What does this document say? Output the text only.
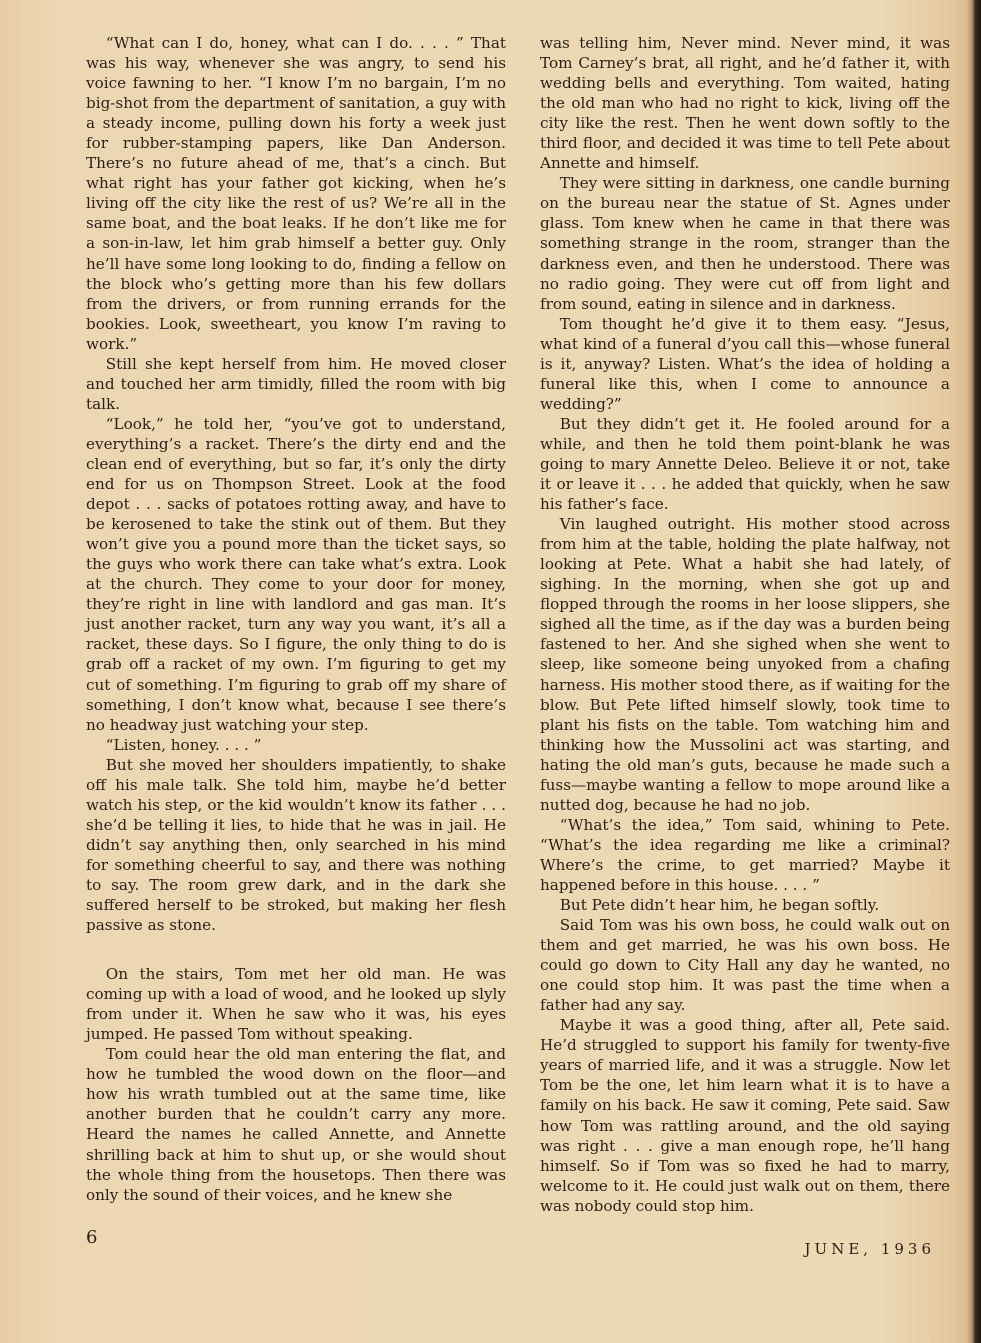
“What can I do, honey, what can I do. . . . ” That was his way, whenever she was angry, to send his voice fawning to her. “I know I’m no bargain, I’m no big-shot from the department of sanitation, a guy with a steady income, pulling down his forty a week just for rubber-stamping papers, like Dan Anderson. There’s no future ahead of me, that’s a cinch. But what right has your father got kicking, when he’s living off the city like the rest of us? We’re all in the same boat, and the boat leaks. If he don’t like me for a son-in-law, let him grab himself a better guy. Only he’ll have some long looking to do, finding a fellow on the block who’s getting more than his few dollars from the drivers, or from running errands for the bookies. Look, sweetheart, you know I’m raving to work.”

Still she kept herself from him. He moved closer and touched her arm timidly, filled the room with big talk.

“Look,” he told her, “you’ve got to understand, everything’s a racket. There’s the dirty end and the clean end of everything, but so far, it’s only the dirty end for us on Thompson Street. Look at the food depot . . . sacks of potatoes rotting away, and have to be kerosened to take the stink out of them. But they won’t give you a pound more than the ticket says, so the guys who work there can take what’s extra. Look at the church. They come to your door for money, they’re right in line with landlord and gas man. It’s just another racket, turn any way you want, it’s all a racket, these days. So I figure, the only thing to do is grab off a racket of my own. I’m figuring to get my cut of something. I’m figuring to grab off my share of something, I don’t know what, because I see there’s no headway just watching your step.

“Listen, honey. . . . ”

But she moved her shoulders impatiently, to shake off his male talk. She told him, maybe he’d better watch his step, or the kid wouldn’t know its father . . . she’d be telling it lies, to hide that he was in jail. He didn’t say anything then, only searched in his mind for something cheerful to say, and there was nothing to say. The room grew dark, and in the dark she suffered herself to be stroked, but making her flesh passive as stone.

On the stairs, Tom met her old man. He was coming up with a load of wood, and he looked up slyly from under it. When he saw who it was, his eyes jumped. He passed Tom without speaking.

Tom could hear the old man entering the flat, and how he tumbled the wood down on the floor—and how his wrath tumbled out at the same time, like another burden that he couldn’t carry any more. Heard the names he called Annette, and Annette shrilling back at him to shut up, or she would shout the whole thing from the housetops. Then there was only the sound of their voices, and he knew she

was telling him, Never mind. Never mind, it was Tom Carney’s brat, all right, and he’d father it, with wedding bells and everything. Tom waited, hating the old man who had no right to kick, living off the city like the rest. Then he went down softly to the third floor, and decided it was time to tell Pete about Annette and himself.

They were sitting in darkness, one candle burning on the bureau near the statue of St. Agnes under glass. Tom knew when he came in that there was something strange in the room, stranger than the darkness even, and then he understood. There was no radio going. They were cut off from light and from sound, eating in silence and in darkness.

Tom thought he’d give it to them easy. “Jesus, what kind of a funeral d’you call this—whose funeral is it, anyway? Listen. What’s the idea of holding a funeral like this, when I come to announce a wedding?”

But they didn’t get it. He fooled around for a while, and then he told them point-blank he was going to mary Annette Deleo. Believe it or not, take it or leave it . . . he added that quickly, when he saw his father’s face.

Vin laughed outright. His mother stood across from him at the table, holding the plate halfway, not looking at Pete. What a habit she had lately, of sighing. In the morning, when she got up and flopped through the rooms in her loose slippers, she sighed all the time, as if the day was a burden being fastened to her. And she sighed when she went to sleep, like someone being unyoked from a chafing harness. His mother stood there, as if waiting for the blow. But Pete lifted himself slowly, took time to plant his fists on the table. Tom watching him and thinking how the Mussolini act was starting, and hating the old man’s guts, because he made such a fuss—maybe wanting a fellow to mope around like a nutted dog, because he had no job.

“What’s the idea,” Tom said, whining to Pete. “What’s the idea regarding me like a criminal? Where’s the crime, to get married? Maybe it happened before in this house. . . . ”

But Pete didn’t hear him, he began softly.

Said Tom was his own boss, he could walk out on them and get married, he was his own boss. He could go down to City Hall any day he wanted, no one could stop him. It was past the time when a father had any say.

Maybe it was a good thing, after all, Pete said. He’d struggled to support his family for twenty-five years of married life, and it was a struggle. Now let Tom be the one, let him learn what it is to have a family on his back. He saw it coming, Pete said. Saw how Tom was rattling around, and the old saying was right . . . give a man enough rope, he’ll hang himself. So if Tom was so fixed he had to marry, welcome to it. He could just walk out on them, there was nobody could stop him.

6
JUNE, 1936
